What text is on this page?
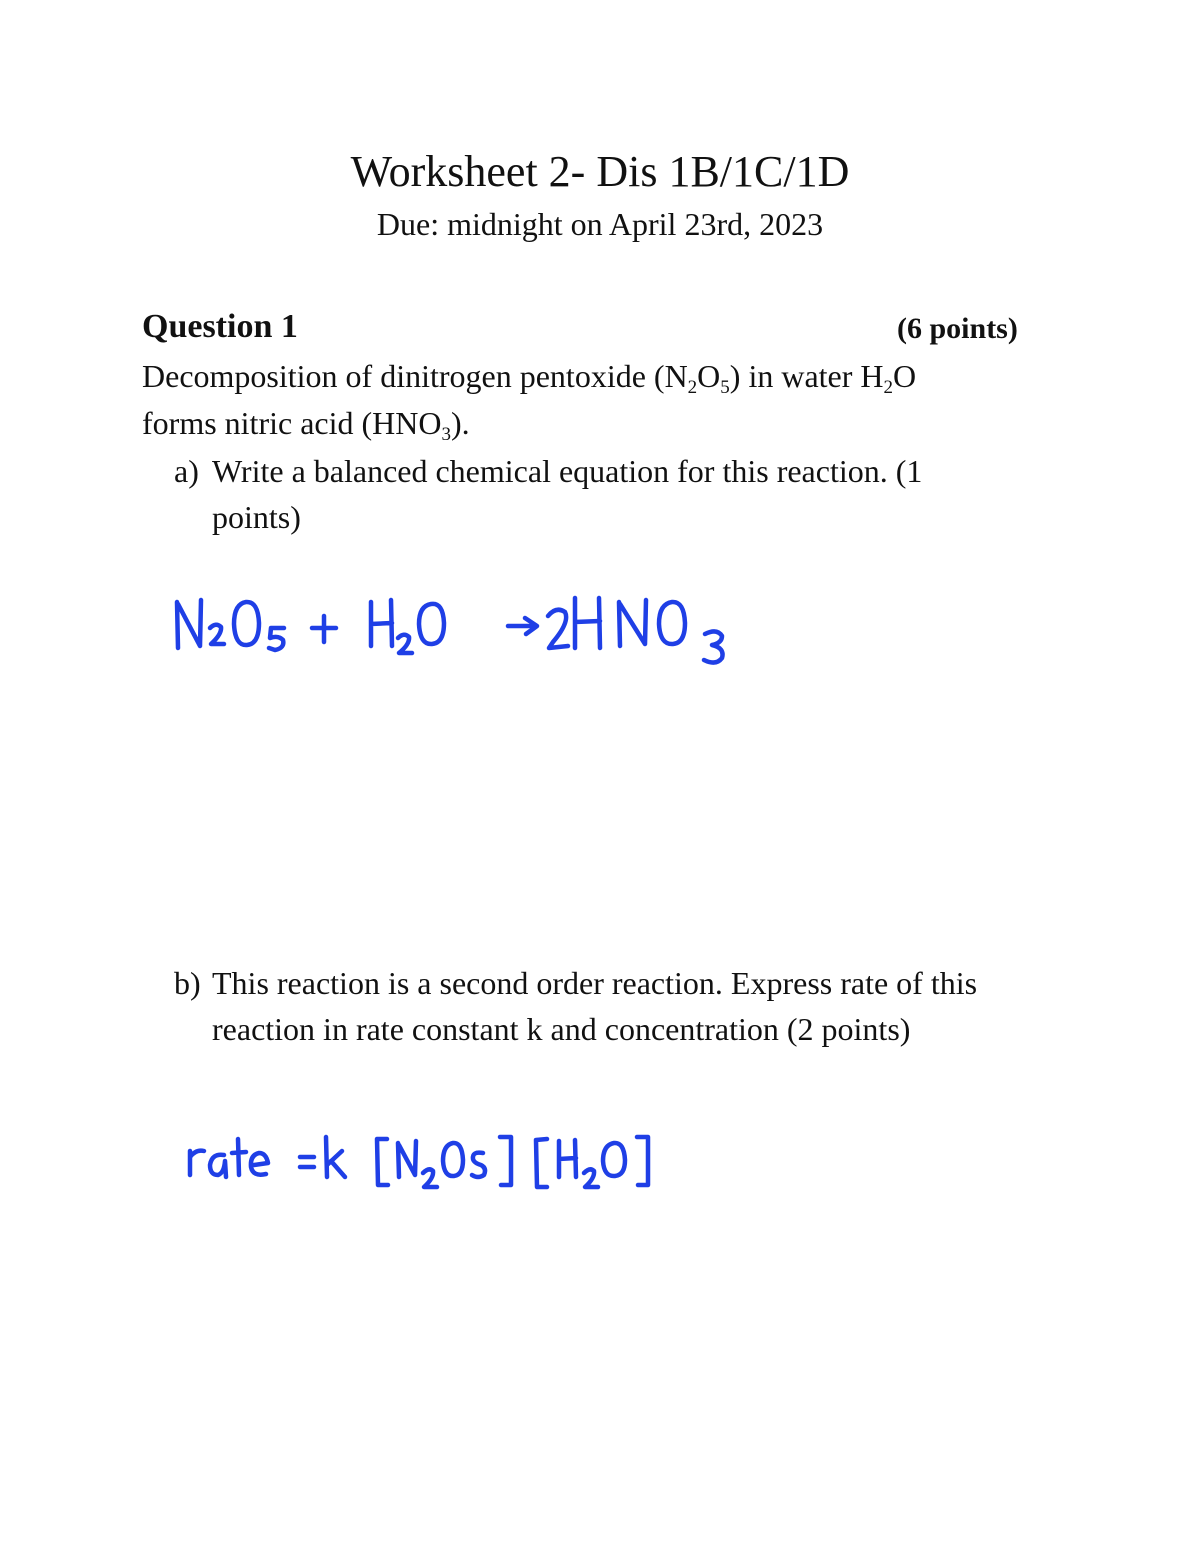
Worksheet 2- Dis 1B/1C/1D
Due: midnight on April 23rd, 2023
Question 1	(6 points)
Decomposition of dinitrogen pentoxide $(N_2O_5)$ in water $H_2O$
forms nitric acid $(HNO_3)$.
a) Write a balanced chemical equation for this reaction. (1
points)
b) This reaction is a second order reaction. Express rate of this
reaction in rate constant k and concentration (2 points)
